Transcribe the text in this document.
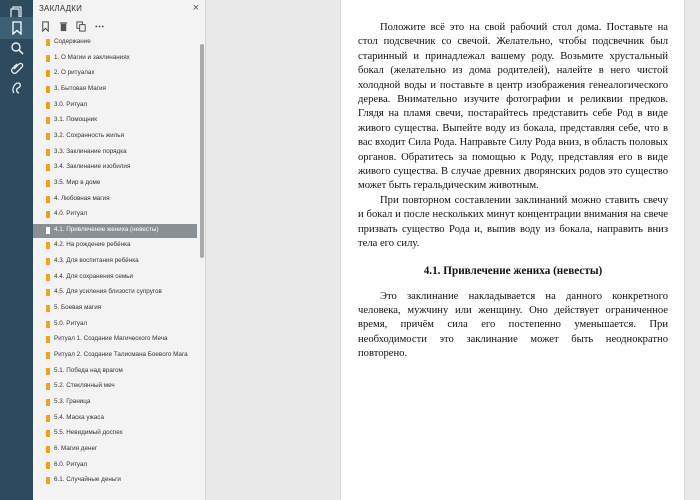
ЗАКЛАДКИ	×
Содержание
1. О Магии и заклинаниях
2. О ритуалах
3. Бытовая Магия
3.0. Ритуал
3.1. Помощник
3.2. Сохранность жилья
3.3. Заклинание порядка
3.4. Заклинание изобилия
3.5. Мир в доме
4. Любовная магия
4.0. Ритуал
4.1. Привлечение жениха (невесты)
4.2. На рождение ребёнка
4.3. Для воспитания ребёнка
4.4. Для сохранения семьи
4.5. Для усиления близости супругов
5. Боевая магия
5.0. Ритуал
Ритуал 1. Создание Магического Меча
Ритуал 2. Создание Талисмана Боевого Мага
5.1. Победа над врагом
5.2. Стеклянный меч
5.3. Граница
5.4. Маска ужаса
5.5. Невидимый доспех
6. Магия денег
6.0. Ритуал
6.1. Случайные деньги

Положите всё это на свой рабочий стол дома. Поставьте на стол подсвечник со свечой. Желательно, чтобы подсвечник был старинный и принадлежал вашему роду. Возьмите хрустальный бокал (желательно из дома родителей), налейте в него чистой холодной воды и поставьте в центр изображения генеалогического дерева. Внимательно изучите фотографии и реликвии предков. Глядя на пламя свечи, постарайтесь представить себе Род в виде живого существа. Выпейте воду из бокала, представляя себе, что в вас входит Сила Рода. Направьте Силу Рода вниз, в область половых органов. Обратитесь за помощью к Роду, представляя его в виде живого существа. В случае древних дворянских родов это существо может быть геральдическим животным.

При повторном составлении заклинаний можно ставить свечу и бокал и после нескольких минут концентрации внимания на свече призвать существо Рода и, выпив воду из бокала, направить вниз тела его силу.

4.1. Привлечение жениха (невесты)

Это заклинание накладывается на данного конкретного человека, мужчину или женщину. Оно действует ограниченное время, причём сила его постепенно уменьшается. При необходимости это заклинание может быть неоднократно повторено.
